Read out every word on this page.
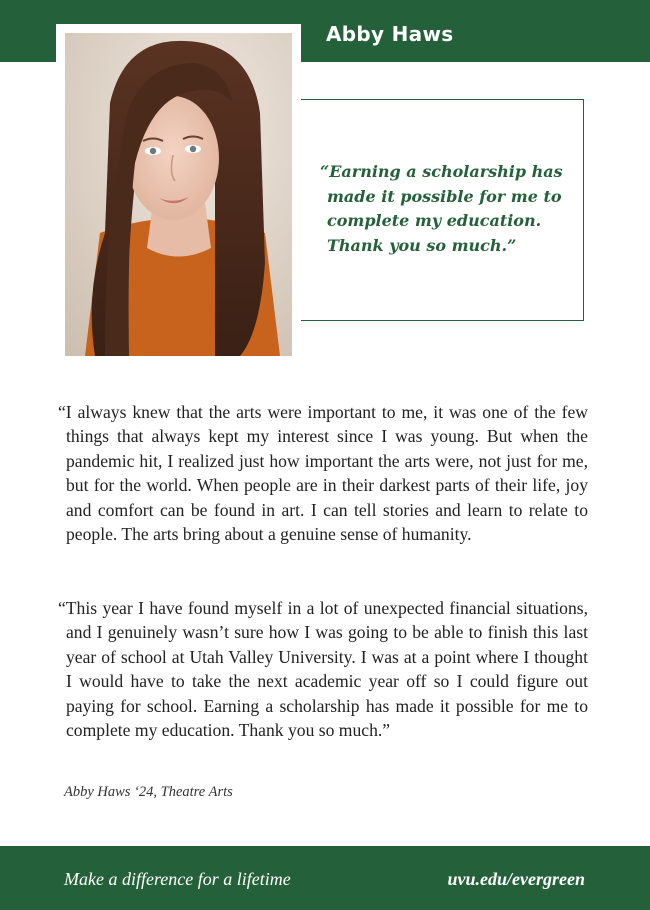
Abby Haws
“Earning a scholarship has made it possible for me to complete my education. Thank you so much.”
“I always knew that the arts were important to me, it was one of the few things that always kept my interest since I was young. But when the pandemic hit, I realized just how important the arts were, not just for me, but for the world. When people are in their darkest parts of their life, joy and comfort can be found in art. I can tell stories and learn to relate to people. The arts bring about a genuine sense of humanity.
“This year I have found myself in a lot of unexpected financial situations, and I genuinely wasn’t sure how I was going to be able to finish this last year of school at Utah Valley University. I was at a point where I thought I would have to take the next academic year off so I could figure out paying for school. Earning a scholarship has made it possible for me to complete my education. Thank you so much.”
Abby Haws ‘24, Theatre Arts
Make a difference for a lifetime	uvu.edu/evergreen
